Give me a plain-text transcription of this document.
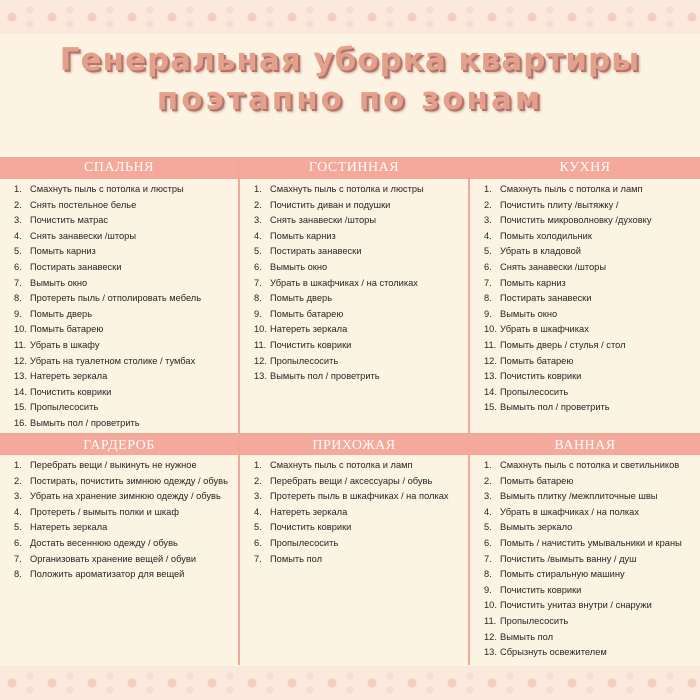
Генеральная уборка квартиры
поэтапно по зонам
СПАЛЬНЯ
1. Смахнуть пыль с потолка и люстры
2. Снять постельное белье
3. Почистить матрас
4. Снять занавески /шторы
5. Помыть карниз
6. Постирать занавески
7. Вымыть окно
8. Протереть пыль / отполировать мебель
9. Помыть дверь
10. Помыть батарею
11. Убрать в шкафу
12. Убрать на туалетном столике / тумбах
13. Натереть зеркала
14. Почистить коврики
15. Пропылесосить
16. Вымыть пол / проветрить
ГОСТИННАЯ
1. Смахнуть пыль с потолка и люстры
2. Почистить диван и подушки
3. Снять занавески /шторы
4. Помыть карниз
5. Постирать занавески
6. Вымыть окно
7. Убрать в шкафчиках / на столиках
8. Помыть дверь
9. Помыть батарею
10. Натереть зеркала
11. Почистить коврики
12. Пропылесосить
13. Вымыть пол / проветрить
КУХНЯ
1. Смахнуть пыль с потолка и ламп
2. Почистить плиту /вытяжку /
3. Почистить микроволновку /духовку
4. Помыть холодильник
5. Убрать в кладовой
6. Снять занавески /шторы
7. Помыть карниз
8. Постирать занавески
9. Вымыть окно
10. Убрать в шкафчиках
11. Помыть дверь / стулья / стол
12. Помыть батарею
13. Почистить коврики
14. Пропылесосить
15. Вымыть пол / проветрить
ГАРДЕРОБ
1. Перебрать вещи / выкинуть не нужное
2. Постирать, почистить зимнюю одежду / обувь
3. Убрать на хранение зимнюю одежду / обувь
4. Протереть / вымыть полки и шкаф
5. Натереть зеркала
6. Достать весеннюю одежду / обувь
7. Организовать хранение вещей / обуви
8. Положить ароматизатор для вещей
ПРИХОЖАЯ
1. Смахнуть пыль с потолка и ламп
2. Перебрать вещи / аксессуары / обувь
3. Протереть пыль в шкафчиках / на полках
4. Натереть зеркала
5. Почистить коврики
6. Пропылесосить
7. Помыть пол
ВАННАЯ
1. Смахнуть пыль с потолка и светильников
2. Помыть батарею
3. Вымыть плитку /межплиточные швы
4. Убрать в шкафчиках / на полках
5. Вымыть зеркало
6. Помыть / начистить умывальники и краны
7. Почистить /вымыть ванну / душ
8. Помыть стиральную машину
9. Почистить коврики
10. Почистить унитаз внутри / снаружи
11. Пропылесосить
12. Вымыть пол
13. Сбрызнуть освежителем
